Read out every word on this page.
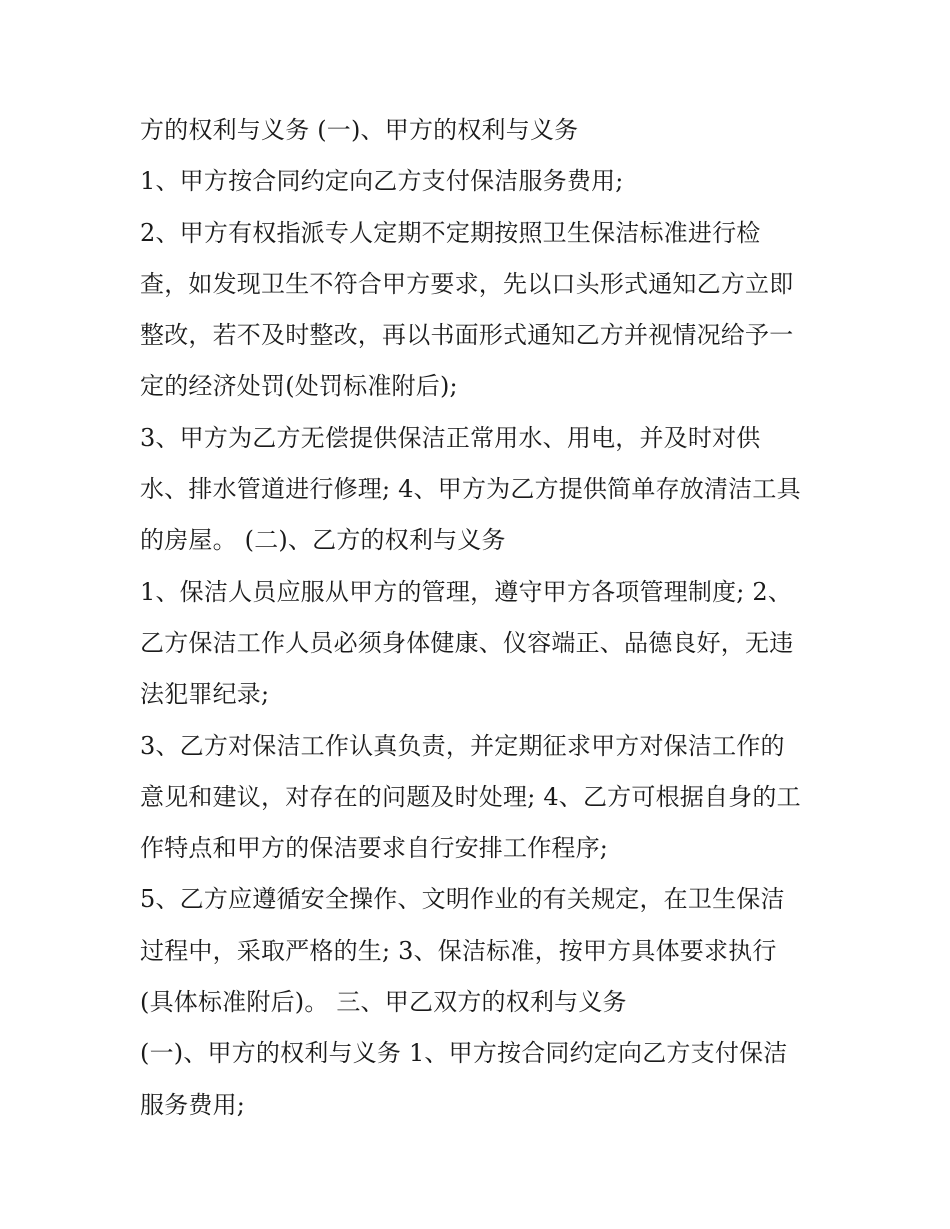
方的权利与义务 (一)、甲方的权利与义务
1、甲方按合同约定向乙方支付保洁服务费用;
2、甲方有权指派专人定期不定期按照卫生保洁标准进行检
查，如发现卫生不符合甲方要求，先以口头形式通知乙方立即
整改，若不及时整改，再以书面形式通知乙方并视情况给予一
定的经济处罚(处罚标准附后);
3、甲方为乙方无偿提供保洁正常用水、用电，并及时对供
水、排水管道进行修理; 4、甲方为乙方提供简单存放清洁工具
的房屋。 (二)、乙方的权利与义务
1、保洁人员应服从甲方的管理，遵守甲方各项管理制度; 2、
乙方保洁工作人员必须身体健康、仪容端正、品德良好，无违
法犯罪纪录;
3、乙方对保洁工作认真负责，并定期征求甲方对保洁工作的
意见和建议，对存在的问题及时处理; 4、乙方可根据自身的工
作特点和甲方的保洁要求自行安排工作程序;
5、乙方应遵循安全操作、文明作业的有关规定，在卫生保洁
过程中，采取严格的生; 3、保洁标准，按甲方具体要求执行
(具体标准附后)。 三、甲乙双方的权利与义务
(一)、甲方的权利与义务 1、甲方按合同约定向乙方支付保洁
服务费用;
